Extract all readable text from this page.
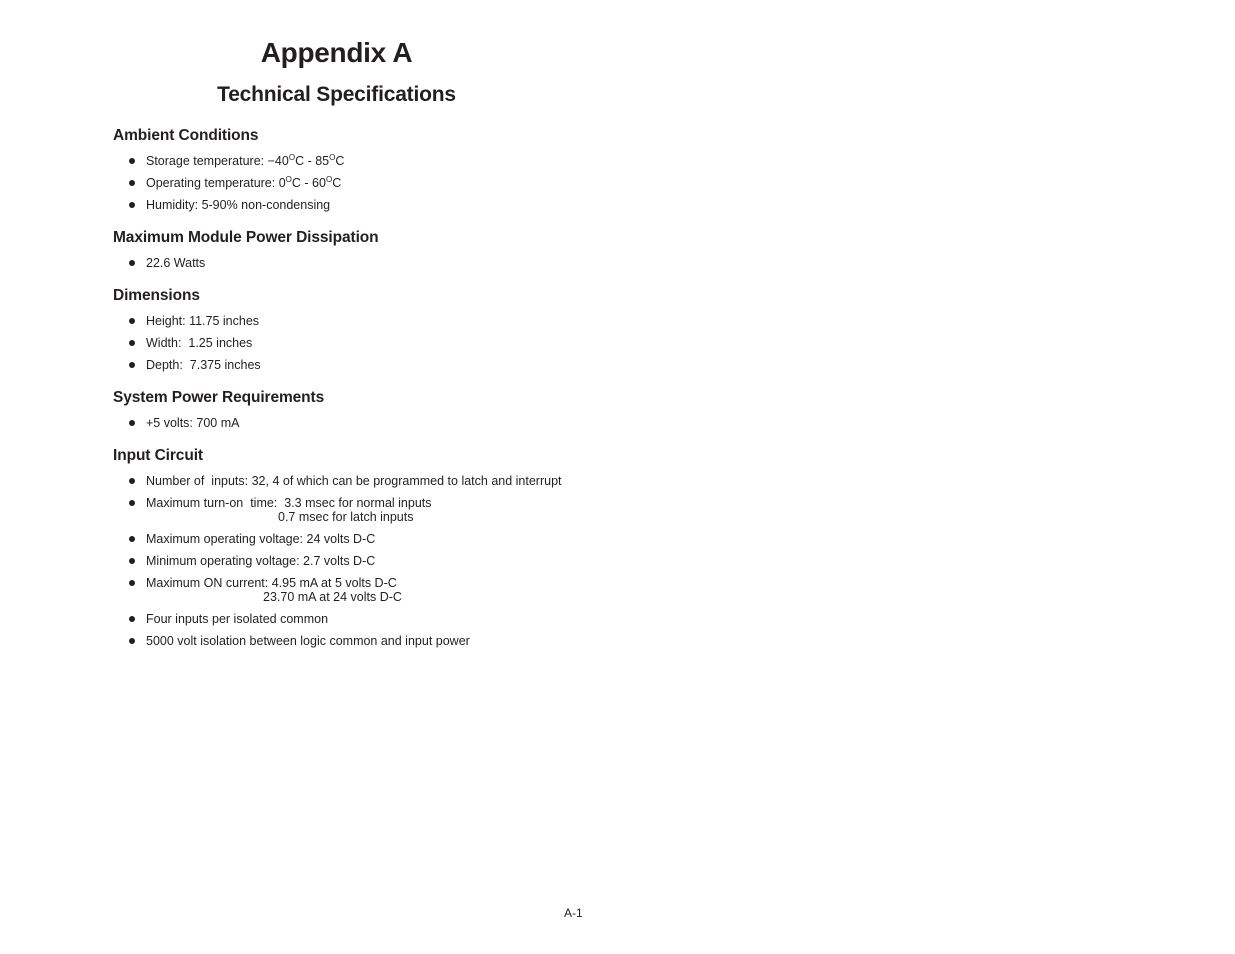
Appendix A
Technical Specifications
Ambient Conditions
Storage temperature: $-40^OC - 85^OC$
Operating temperature: $0^OC - 60^OC$
Humidity: 5-90% non-condensing
Maximum Module Power Dissipation
22.6 Watts
Dimensions
Height: 11.75 inches
Width:  1.25 inches
Depth:  7.375 inches
System Power Requirements
+5 volts: 700 mA
Input Circuit
Number of  inputs: 32, 4 of which can be programmed to latch and interrupt
Maximum turn-on  time:  3.3 msec for normal inputs
0.7 msec for latch inputs
Maximum operating voltage: 24 volts D-C
Minimum operating voltage: 2.7 volts D-C
Maximum ON current: 4.95 mA at 5 volts D-C
23.70 mA at 24 volts D-C
Four inputs per isolated common
5000 volt isolation between logic common and input power
A-1
